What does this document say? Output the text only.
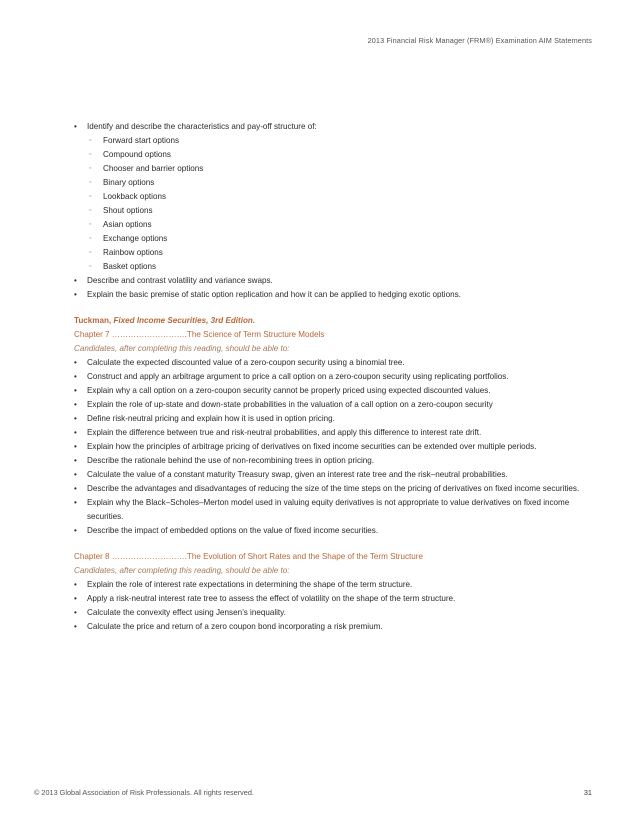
2013 Financial Risk Manager (FRM®) Examination AIM Statements
• Identify and describe the characteristics and pay-off structure of:
◦ Forward start options
◦ Compound options
◦ Chooser and barrier options
◦ Binary options
◦ Lookback options
◦ Shout options
◦ Asian options
◦ Exchange options
◦ Rainbow options
◦ Basket options
• Describe and contrast volatility and variance swaps.
• Explain the basic premise of static option replication and how it can be applied to hedging exotic options.
Tuckman, Fixed Income Securities, 3rd Edition.
Chapter 7 ……………………….The Science of Term Structure Models
Candidates, after completing this reading, should be able to:
• Calculate the expected discounted value of a zero-coupon security using a binomial tree.
• Construct and apply an arbitrage argument to price a call option on a zero-coupon security using replicating portfolios.
• Explain why a call option on a zero-coupon security cannot be properly priced using expected discounted values.
• Explain the role of up-state and down-state probabilities in the valuation of a call option on a zero-coupon security
• Define risk-neutral pricing and explain how it is used in option pricing.
• Explain the difference between true and risk-neutral probabilities, and apply this difference to interest rate drift.
• Explain how the principles of arbitrage pricing of derivatives on fixed income securities can be extended over multiple periods.
• Describe the rationale behind the use of non-recombining trees in option pricing.
• Calculate the value of a constant maturity Treasury swap, given an interest rate tree and the risk–neutral probabilities.
• Describe the advantages and disadvantages of reducing the size of the time steps on the pricing of derivatives on fixed income securities.
• Explain why the Black–Scholes–Merton model used in valuing equity derivatives is not appropriate to value derivatives on fixed income securities.
• Describe the impact of embedded options on the value of fixed income securities.
Chapter 8 ……………………….The Evolution of Short Rates and the Shape of the Term Structure
Candidates, after completing this reading, should be able to:
• Explain the role of interest rate expectations in determining the shape of the term structure.
• Apply a risk-neutral interest rate tree to assess the effect of volatility on the shape of the term structure.
• Calculate the convexity effect using Jensen’s inequality.
• Calculate the price and return of a zero coupon bond incorporating a risk premium.
© 2013 Global Association of Risk Professionals. All rights reserved.	31
